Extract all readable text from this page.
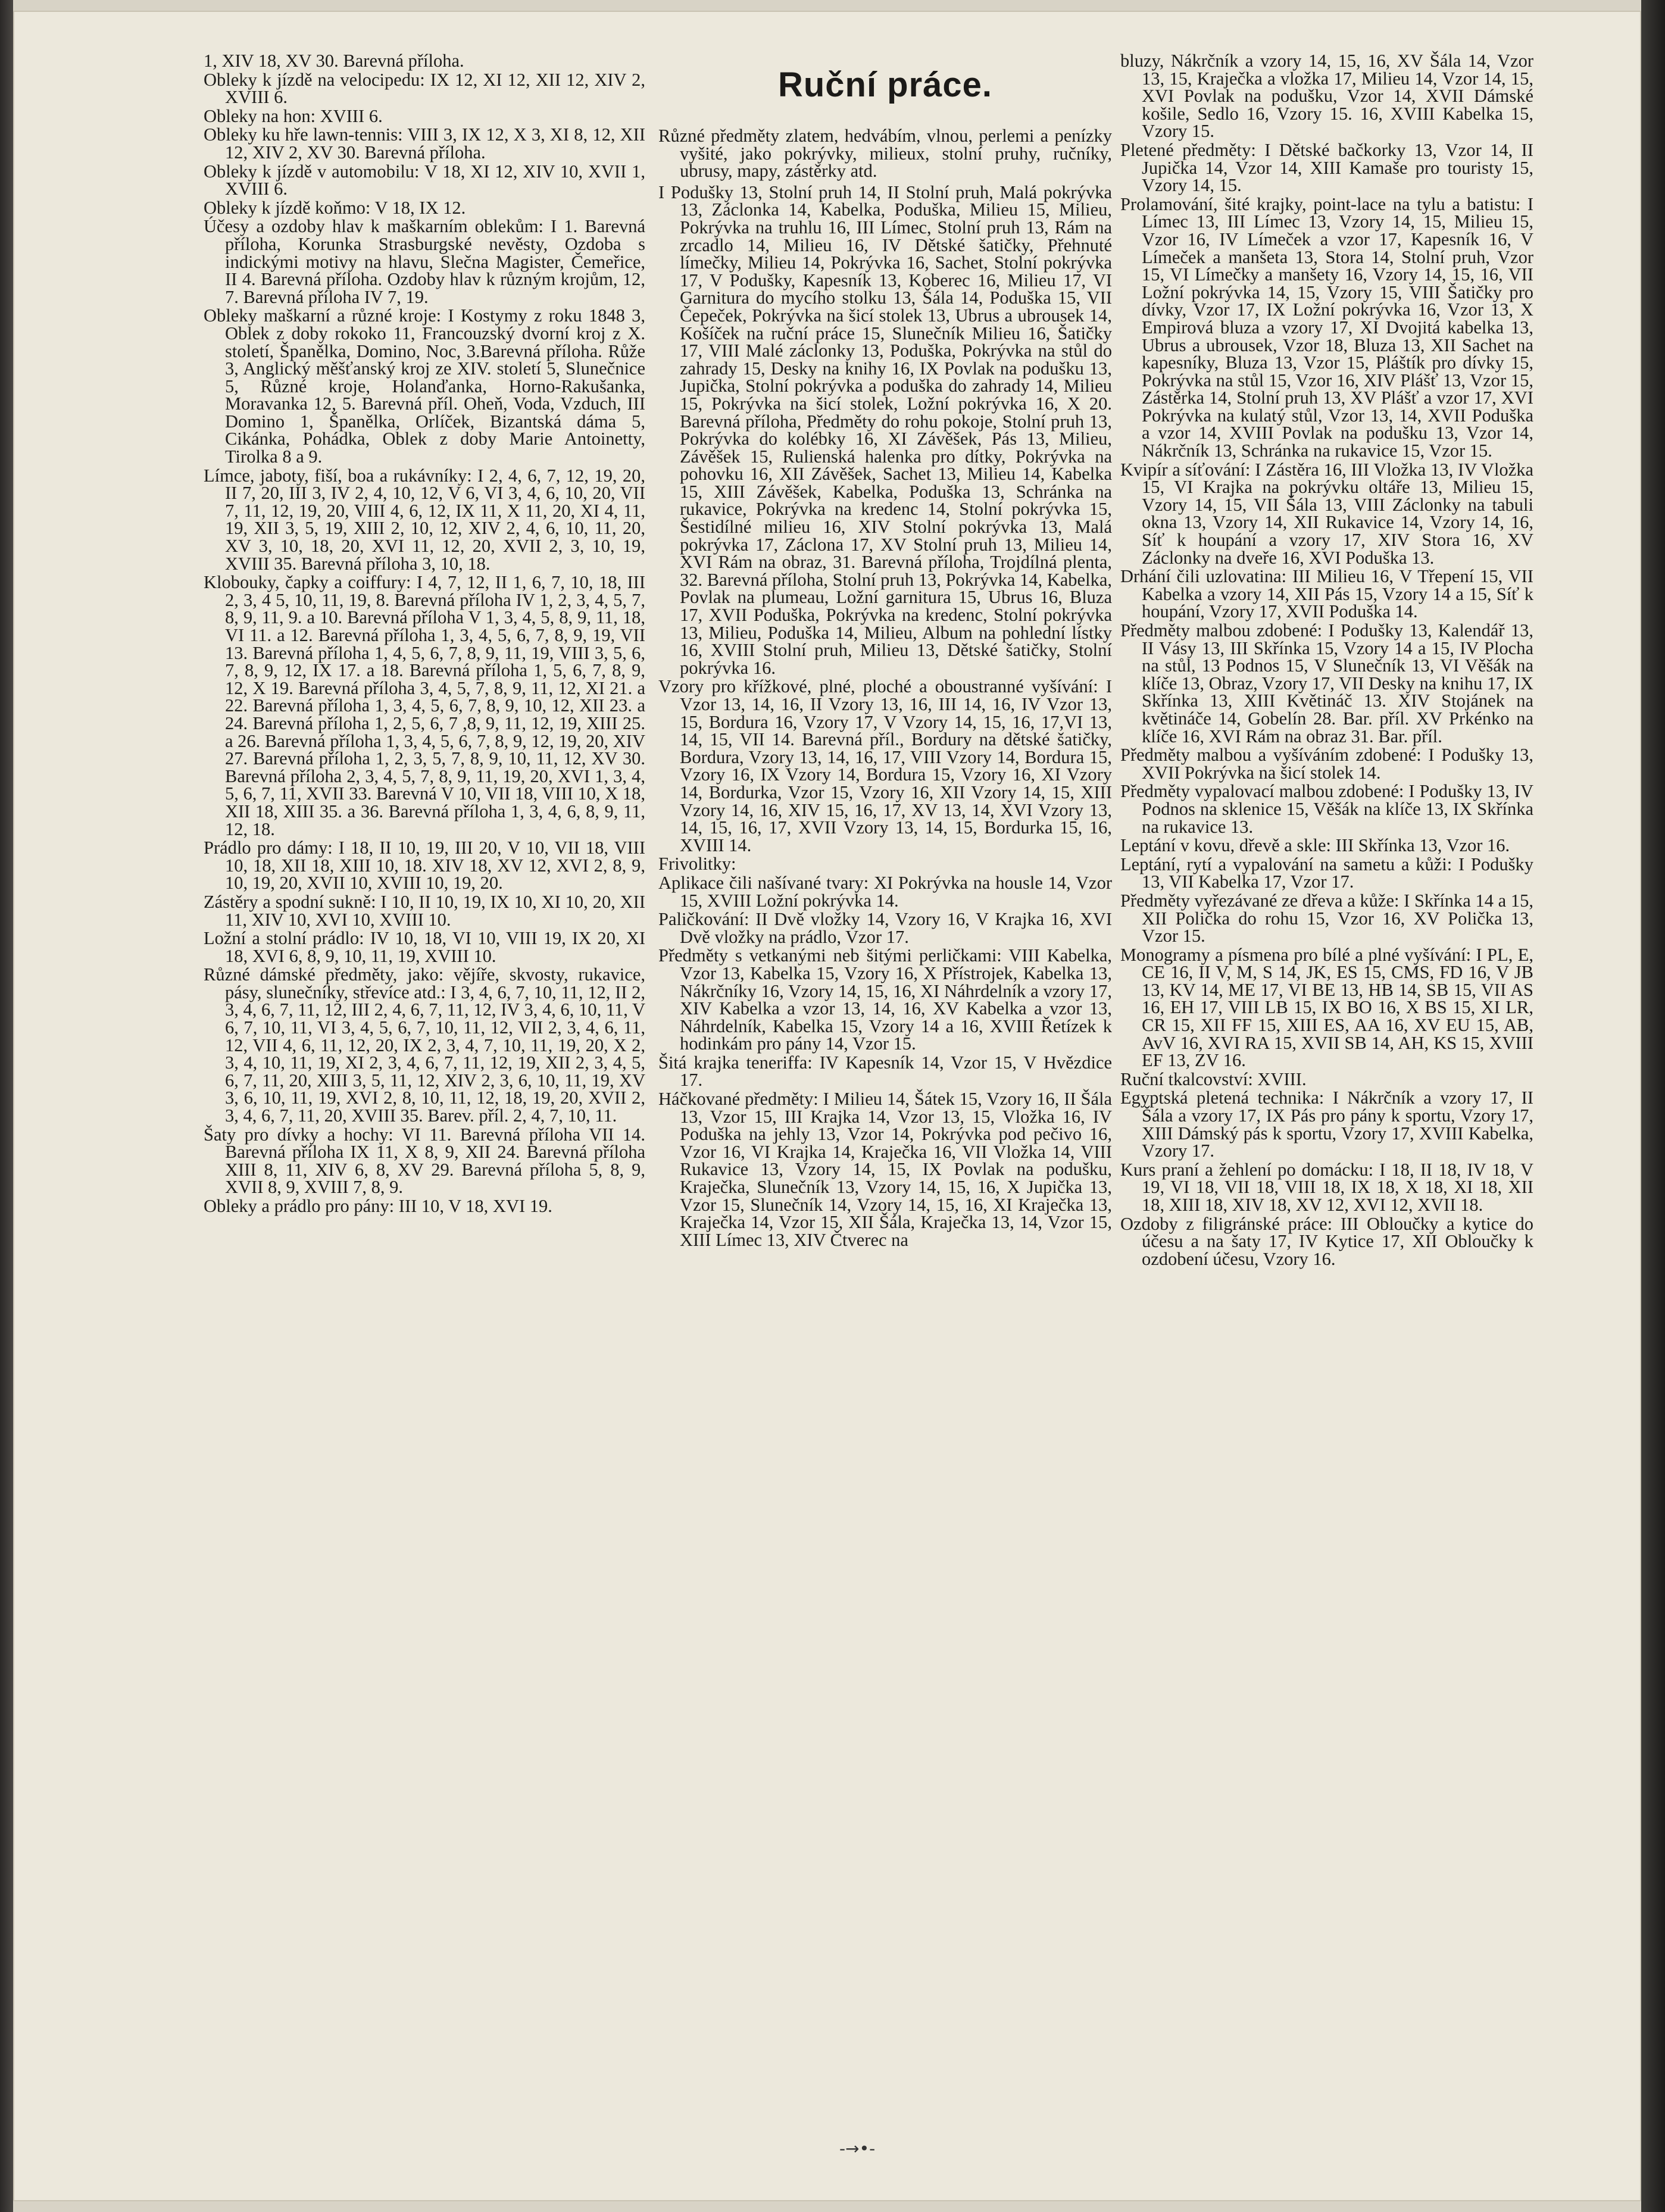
1, XIV 18, XV 30. Barevná příloha.
Obleky k jízdě na velocipedu: IX 12, XI 12, XII 12, XIV 2, XVIII 6.
Obleky na hon: XVIII 6.
Obleky ku hře lawn-tennis: VIII 3, IX 12, X 3, XI 8, 12, XII 12, XIV 2, XV 30. Barevná příloha.
Obleky k jízdě v automobilu: V 18, XI 12, XIV 10, XVII 1, XVIII 6.
Obleky k jízdě koňmo: V 18, IX 12.
Účesy a ozdoby hlav k maškarním oblekům: I 1. Barevná příloha, Korunka Strasburgské nevěsty, Ozdoba s indickými motivy na hlavu, Slečna Magister, Čemeřice, II 4. Barevná příloha. Ozdoby hlav k různým krojům, 12, 7. Barevná příloha IV 7, 19.
Obleky maškarní a různé kroje: I Kostymy z roku 1848 3, Oblek z doby rokoko 11, Francouzský dvorní kroj z X. století, Španělka, Domino, Noc, 3.Barevná příloha. Růže 3, Anglický měšťanský kroj ze XIV. století 5, Slunečnice 5, Různé kroje, Holanďanka, Horno-Rakušanka, Moravanka 12, 5. Barevná příl. Oheň, Voda, Vzduch, III Domino 1, Španělka, Orlíček, Bizantská dáma 5, Cikánka, Pohádka, Oblek z doby Marie Antoinetty, Tirolka 8 a 9.
Límce, jaboty, fiší, boa a rukávníky: I 2, 4, 6, 7, 12, 19, 20, II 7, 20, III 3, IV 2, 4, 10, 12, V 6, VI 3, 4, 6, 10, 20, VII 7, 11, 12, 19, 20, VIII 4, 6, 12, IX 11, X 11, 20, XI 4, 11, 19, XII 3, 5, 19, XIII 2, 10, 12, XIV 2, 4, 6, 10, 11, 20, XV 3, 10, 18, 20, XVI 11, 12, 20, XVII 2, 3, 10, 19, XVIII 35. Barevná příloha 3, 10, 18.
Klobouky, čapky a coiffury: I 4, 7, 12, II 1, 6, 7, 10, 18, III 2, 3, 4 5, 10, 11, 19, 8. Barevná příloha IV 1, 2, 3, 4, 5, 7, 8, 9, 11, 9. a 10. Barevná příloha V 1, 3, 4, 5, 8, 9, 11, 18, VI 11. a 12. Barevná příloha 1, 3, 4, 5, 6, 7, 8, 9, 19, VII 13. Barevná příloha 1, 4, 5, 6, 7, 8, 9, 11, 19, VIII 3, 5, 6, 7, 8, 9, 12, IX 17. a 18. Barevná příloha 1, 5, 6, 7, 8, 9, 12, X 19. Barevná příloha 3, 4, 5, 7, 8, 9, 11, 12, XI 21. a 22. Barevná příloha 1, 3, 4, 5, 6, 7, 8, 9, 10, 12, XII 23. a 24. Barevná příloha 1, 2, 5, 6, 7 ,8, 9, 11, 12, 19, XIII 25. a 26. Barevná příloha 1, 3, 4, 5, 6, 7, 8, 9, 12, 19, 20, XIV 27. Barevná příloha 1, 2, 3, 5, 7, 8, 9, 10, 11, 12, XV 30. Barevná příloha 2, 3, 4, 5, 7, 8, 9, 11, 19, 20, XVI 1, 3, 4, 5, 6, 7, 11, XVII 33. Barevná V 10, VII 18, VIII 10, X 18, XII 18, XIII 35. a 36. Barevná příloha 1, 3, 4, 6, 8, 9, 11, 12, 18.
Prádlo pro dámy: I 18, II 10, 19, III 20, V 10, VII 18, VIII 10, 18, XII 18, XIII 10, 18. XIV 18, XV 12, XVI 2, 8, 9, 10, 19, 20, XVII 10, XVIII 10, 19, 20.
Zástěry a spodní sukně: I 10, II 10, 19, IX 10, XI 10, 20, XII 11, XIV 10, XVI 10, XVIII 10.
Ložní a stolní prádlo: IV 10, 18, VI 10, VIII 19, IX 20, XI 18, XVI 6, 8, 9, 10, 11, 19, XVIII 10.
Různé dámské předměty, jako: vějíře, skvosty, rukavice, pásy, slunečníky, střevíce atd.: I 3, 4, 6, 7, 10, 11, 12, II 2, 3, 4, 6, 7, 11, 12, III 2, 4, 6, 7, 11, 12, IV 3, 4, 6, 10, 11, V 6, 7, 10, 11, VI 3, 4, 5, 6, 7, 10, 11, 12, VII 2, 3, 4, 6, 11, 12, VII 4, 6, 11, 12, 20, IX 2, 3, 4, 7, 10, 11, 19, 20, X 2, 3, 4, 10, 11, 19, XI 2, 3, 4, 6, 7, 11, 12, 19, XII 2, 3, 4, 5, 6, 7, 11, 20, XIII 3, 5, 11, 12, XIV 2, 3, 6, 10, 11, 19, XV 3, 6, 10, 11, 19, XVI 2, 8, 10, 11, 12, 18, 19, 20, XVII 2, 3, 4, 6, 7, 11, 20, XVIII 35. Barev. příl. 2, 4, 7, 10, 11.
Šaty pro dívky a hochy: VI 11. Barevná příloha VII 14. Barevná příloha IX 11, X 8, 9, XII 24. Barevná příloha XIII 8, 11, XIV 6, 8, XV 29. Barevná příloha 5, 8, 9, XVII 8, 9, XVIII 7, 8, 9.
Obleky a prádlo pro pány: III 10, V 18, XVI 19.
Ruční práce.
Různé předměty zlatem, hedvábím, vlnou, perlemi a penízky vyšité, jako pokrývky, milieux, stolní pruhy, ručníky, ubrusy, mapy, zástěrky atd.
I Podušky 13, Stolní pruh 14, II Stolní pruh, Malá pokrývka 13, Záclonka 14, Kabelka, Poduška, Milieu 15, Milieu, Pokrývka na truhlu 16, III Límec, Stolní pruh 13, Rám na zrcadlo 14, Milieu 16, IV Dětské šatičky, Přehnuté límečky, Milieu 14, Pokrývka 16, Sachet, Stolní pokrývka 17, V Podušky, Kapesník 13, Koberec 16, Milieu 17, VI Garnitura do mycího stolku 13, Šála 14, Poduška 15, VII Čepeček, Pokrývka na šicí stolek 13, Ubrus a ubrousek 14, Košíček na ruční práce 15, Slunečník Milieu 16, Šatičky 17, VIII Malé záclonky 13, Poduška, Pokrývka na stůl do zahrady 15, Desky na knihy 16, IX Povlak na podušku 13, Jupička, Stolní pokrývka a poduška do zahrady 14, Milieu 15, Pokrývka na šicí stolek, Ložní pokrývka 16, X 20. Barevná příloha, Předměty do rohu pokoje, Stolní pruh 13, Pokrývka do kolébky 16, XI Závěšek, Pás 13, Milieu, Závěšek 15, Rulienská halenka pro dítky, Pokrývka na pohovku 16, XII Závěšek, Sachet 13, Milieu 14, Kabelka 15, XIII Závěšek, Kabelka, Poduška 13, Schránka na rukavice, Pokrývka na kredenc 14, Stolní pokrývka 15, Šestidílné milieu 16, XIV Stolní pokrývka 13, Malá pokrývka 17, Záclona 17, XV Stolní pruh 13, Milieu 14, XVI Rám na obraz, 31. Barevná příloha, Trojdílná plenta, 32. Barevná příloha, Stolní pruh 13, Pokrývka 14, Kabelka, Povlak na plumeau, Ložní garnitura 15, Ubrus 16, Bluza 17, XVII Poduška, Pokrývka na kredenc, Stolní pokrývka 13, Milieu, Poduška 14, Milieu, Album na pohlední lístky 16, XVIII Stolní pruh, Milieu 13, Dětské šatičky, Stolní pokrývka 16.
Vzory pro křížkové, plné, ploché a oboustranné vyšívání: I Vzor 13, 14, 16, II Vzory 13, 16, III 14, 16, IV Vzor 13, 15, Bordura 16, Vzory 17, V Vzory 14, 15, 16, 17,VI 13, 14, 15, VII 14. Barevná příl., Bordury na dětské šatičky, Bordura, Vzory 13, 14, 16, 17, VIII Vzory 14, Bordura 15, Vzory 16, IX Vzory 14, Bordura 15, Vzory 16, XI Vzory 14, Bordurka, Vzor 15, Vzory 16, XII Vzory 14, 15, XIII Vzory 14, 16, XIV 15, 16, 17, XV 13, 14, XVI Vzory 13, 14, 15, 16, 17, XVII Vzory 13, 14, 15, Bordurka 15, 16, XVIII 14.
Frivolitky:
Aplikace čili našívané tvary: XI Pokrývka na housle 14, Vzor 15, XVIII Ložní pokrývka 14.
Paličkování: II Dvě vložky 14, Vzory 16, V Krajka 16, XVI Dvě vložky na prádlo, Vzor 17.
Předměty s vetkanými neb šitými perličkami: VIII Kabelka, Vzor 13, Kabelka 15, Vzory 16, X Přístrojek, Kabelka 13, Nákrčníky 16, Vzory 14, 15, 16, XI Náhrdelník a vzory 17, XIV Kabelka a vzor 13, 14, 16, XV Kabelka a vzor 13, Náhrdelník, Kabelka 15, Vzory 14 a 16, XVIII Řetízek k hodinkám pro pány 14, Vzor 15.
Šitá krajka teneriffa: IV Kapesník 14, Vzor 15, V Hvězdice 17.
Háčkované předměty: I Milieu 14, Šátek 15, Vzory 16, II Šála 13, Vzor 15, III Krajka 14, Vzor 13, 15, Vložka 16, IV Poduška na jehly 13, Vzor 14, Pokrývka pod pečivo 16, Vzor 16, VI Krajka 14, Kraječka 16, VII Vložka 14, VIII Rukavice 13, Vzory 14, 15, IX Povlak na podušku, Kraječka, Slunečník 13, Vzory 14, 15, 16, X Jupička 13, Vzor 15, Slunečník 14, Vzory 14, 15, 16, XI Kraječka 13, Kraječka 14, Vzor 15, XII Šála, Kraječka 13, 14, Vzor 15, XIII Límec 13, XIV Čtverec na
bluzy, Nákrčník a vzory 14, 15, 16, XV Šála 14, Vzor 13, 15, Kraječka a vložka 17, Milieu 14, Vzor 14, 15, XVI Povlak na podušku, Vzor 14, XVII Dámské košile, Sedlo 16, Vzory 15. 16, XVIII Kabelka 15, Vzory 15.
Pletené předměty: I Dětské bačkorky 13, Vzor 14, II Jupička 14, Vzor 14, XIII Kamaše pro touristy 15, Vzory 14, 15.
Prolamování, šité krajky, point-lace na tylu a batistu: I Límec 13, III Límec 13, Vzory 14, 15, Milieu 15, Vzor 16, IV Límeček a vzor 17, Kapesník 16, V Límeček a manšeta 13, Stora 14, Stolní pruh, Vzor 15, VI Límečky a manšety 16, Vzory 14, 15, 16, VII Ložní pokrývka 14, 15, Vzory 15, VIII Šatičky pro dívky, Vzor 17, IX Ložní pokrývka 16, Vzor 13, X Empirová bluza a vzory 17, XI Dvojitá kabelka 13, Ubrus a ubrousek, Vzor 18, Bluza 13, XII Sachet na kapesníky, Bluza 13, Vzor 15, Pláštík pro dívky 15, Pokrývka na stůl 15, Vzor 16, XIV Plášť 13, Vzor 15, Zástěrka 14, Stolní pruh 13, XV Plášť a vzor 17, XVI Pokrývka na kulatý stůl, Vzor 13, 14, XVII Poduška a vzor 14, XVIII Povlak na podušku 13, Vzor 14, Nákrčník 13, Schránka na rukavice 15, Vzor 15.
Kvipír a síťování: I Zástěra 16, III Vložka 13, IV Vložka 15, VI Krajka na pokrývku oltáře 13, Milieu 15, Vzory 14, 15, VII Šála 13, VIII Záclonky na tabuli okna 13, Vzory 14, XII Rukavice 14, Vzory 14, 16, Síť k houpání a vzory 17, XIV Stora 16, XV Záclonky na dveře 16, XVI Poduška 13.
Drhání čili uzlovatina: III Milieu 16, V Třepení 15, VII Kabelka a vzory 14, XII Pás 15, Vzory 14 a 15, Síť k houpání, Vzory 17, XVII Poduška 14.
Předměty malbou zdobené: I Podušky 13, Kalendář 13, II Vásy 13, III Skřínka 15, Vzory 14 a 15, IV Plocha na stůl, 13 Podnos 15, V Slunečník 13, VI Věšák na klíče 13, Obraz, Vzory 17, VII Desky na knihu 17, IX Skřínka 13, XIII Květináč 13. XIV Stojánek na květináče 14, Gobelín 28. Bar. příl. XV Prkénko na klíče 16, XVI Rám na obraz 31. Bar. příl.
Předměty malbou a vyšíváním zdobené: I Podušky 13, XVII Pokrývka na šicí stolek 14.
Předměty vypalovací malbou zdobené: I Podušky 13, IV Podnos na sklenice 15, Věšák na klíče 13, IX Skřínka na rukavice 13.
Leptání v kovu, dřevě a skle: III Skřínka 13, Vzor 16.
Leptání, rytí a vypalování na sametu a kůži: I Podušky 13, VII Kabelka 17, Vzor 17.
Předměty vyřezávané ze dřeva a kůže: I Skřínka 14 a 15, XII Polička do rohu 15, Vzor 16, XV Polička 13, Vzor 15.
Monogramy a písmena pro bílé a plné vyšívání: I PL, E, CE 16, II V, M, S 14, JK, ES 15, CMS, FD 16, V JB 13, KV 14, ME 17, VI BE 13, HB 14, SB 15, VII AS 16, EH 17, VIII LB 15, IX BO 16, X BS 15, XI LR, CR 15, XII FF 15, XIII ES, AA 16, XV EU 15, AB, AvV 16, XVI RA 15, XVII SB 14, AH, KS 15, XVIII EF 13, ZV 16.
Ruční tkalcovství: XVIII.
Egyptská pletená technika: I Nákrčník a vzory 17, II Šála a vzory 17, IX Pás pro pány k sportu, Vzory 17, XIII Dámský pás k sportu, Vzory 17, XVIII Kabelka, Vzory 17.
Kurs praní a žehlení po domácku: I 18, II 18, IV 18, V 19, VI 18, VII 18, VIII 18, IX 18, X 18, XI 18, XII 18, XIII 18, XIV 18, XV 12, XVI 12, XVII 18.
Ozdoby z filigránské práce: III Obloučky a kytice do účesu a na šaty 17, IV Kytice 17, XII Obloučky k ozdobení účesu, Vzory 16.
-⁠⁠→•-
